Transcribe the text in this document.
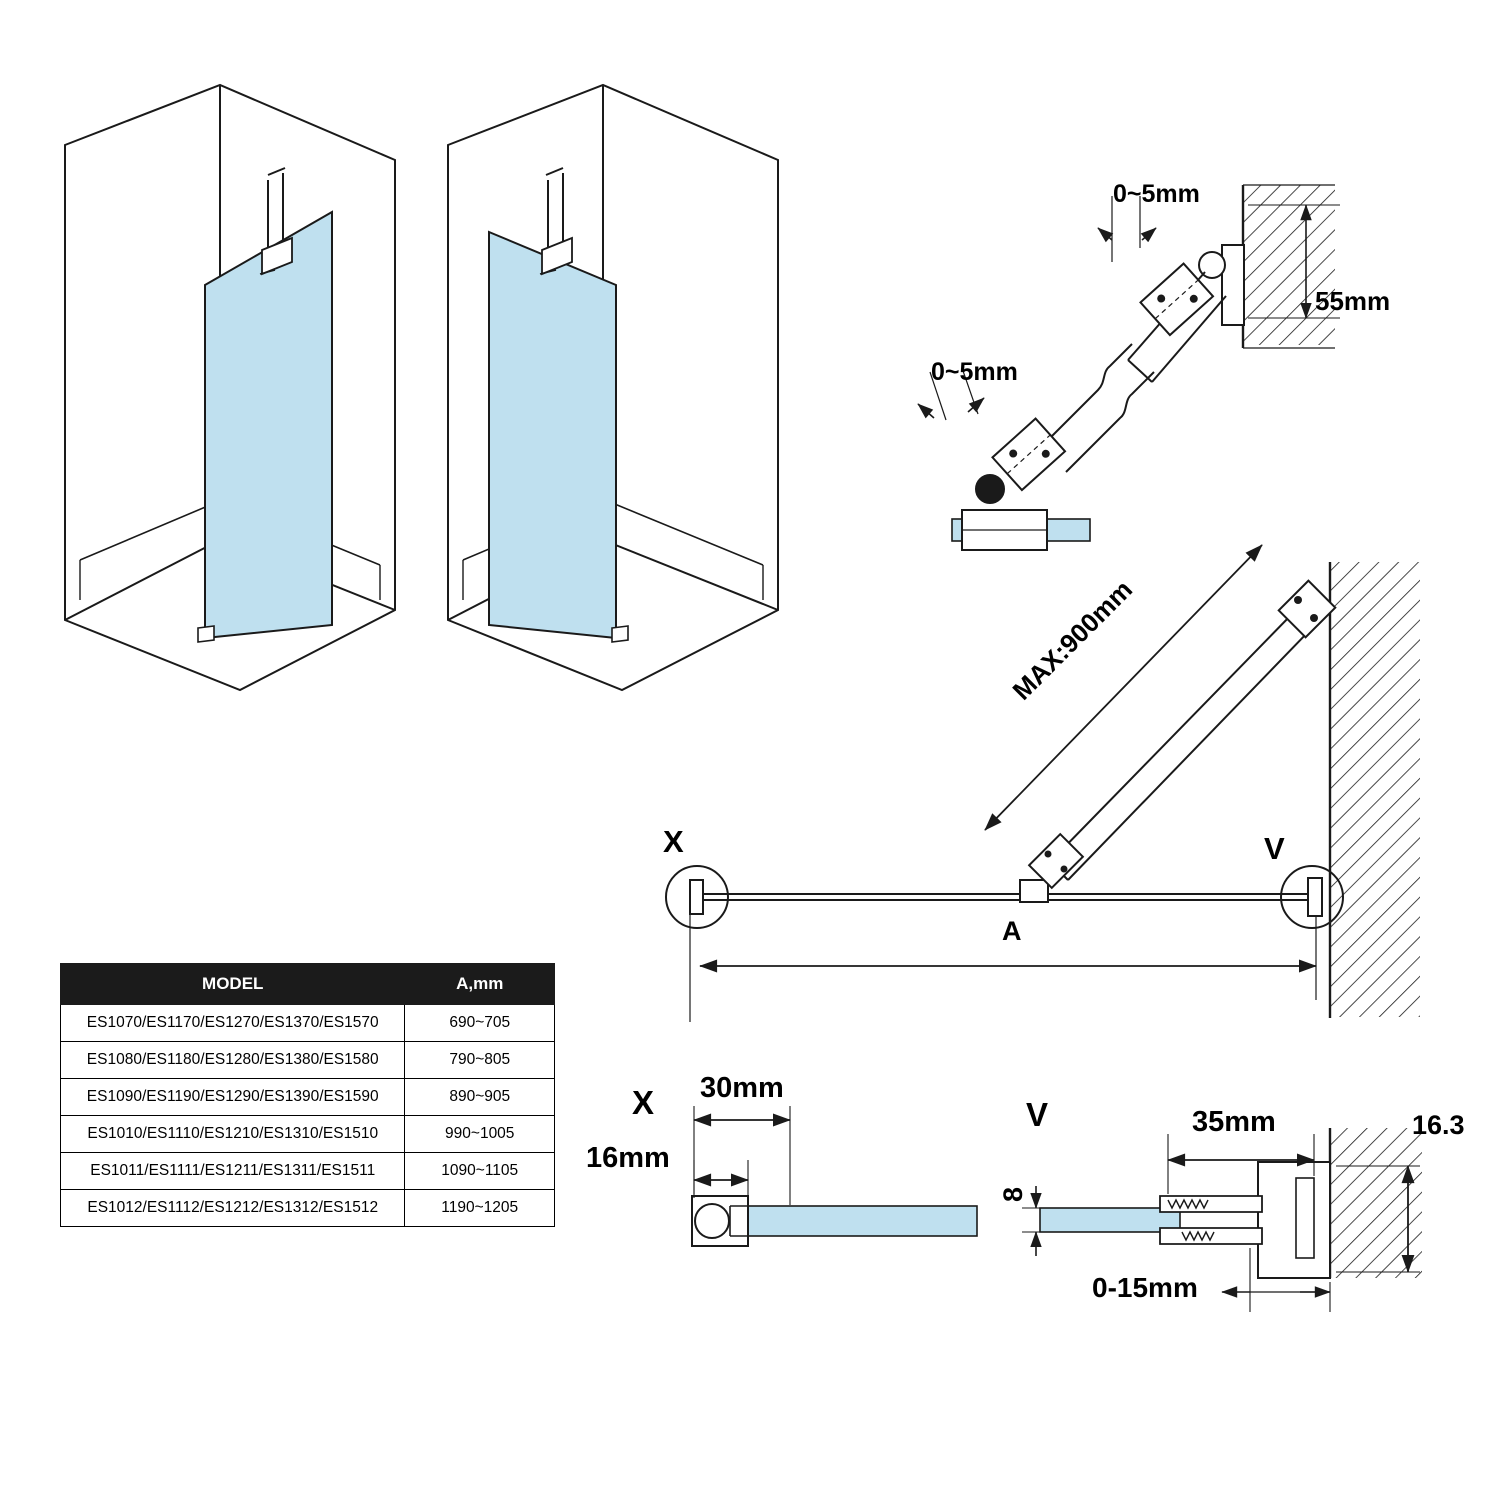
0~5mm
0~5mm
55mm
MAX:900mm
A
X	V
X 30mm
16mm
V	35mm	16.3
8
0-15mm
MODEL	A,mm
ES1070/ES1170/ES1270/ES1370/ES1570	690~705
ES1080/ES1180/ES1280/ES1380/ES1580	790~805
ES1090/ES1190/ES1290/ES1390/ES1590	890~905
ES1010/ES1110/ES1210/ES1310/ES1510	990~1005
ES1011/ES1111/ES1211/ES1311/ES1511	1090~1105
ES1012/ES1112/ES1212/ES1312/ES1512	1190~1205
